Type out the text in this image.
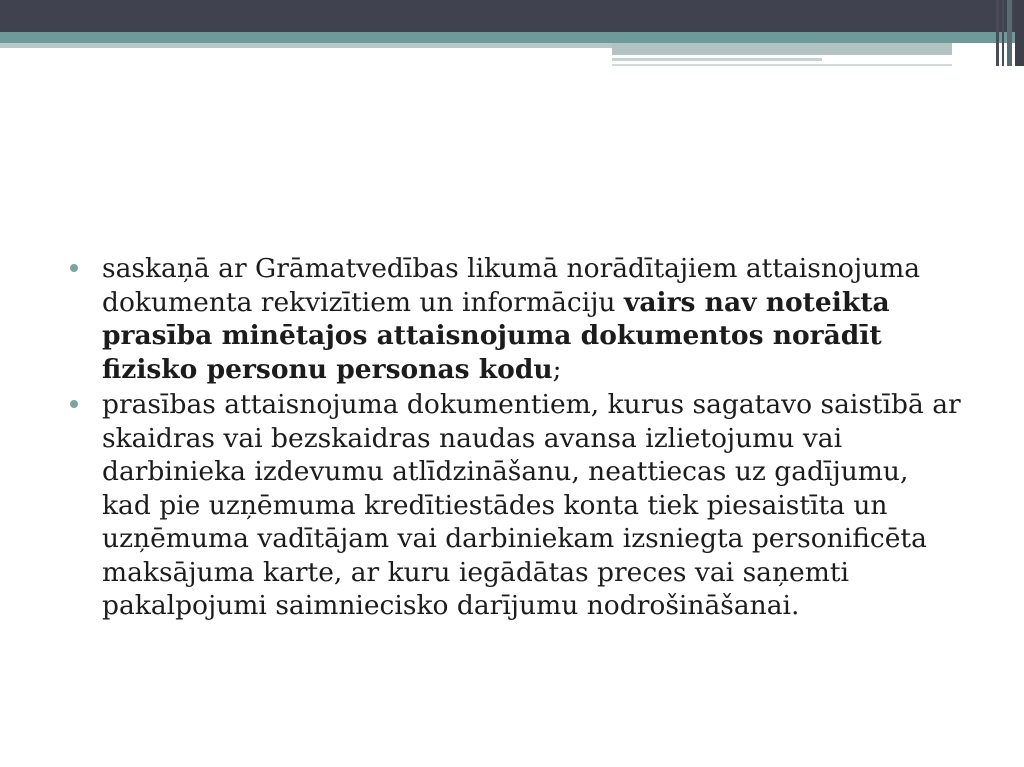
saskaņā ar Grāmatvedības likumā norādītajiem attaisnojuma dokumenta rekvizītiem un informāciju vairs nav noteikta prasība minētajos attaisnojuma dokumentos norādīt fizisko personu personas kodu;
prasības attaisnojuma dokumentiem, kurus sagatavo saistībā ar skaidras vai bezskaidras naudas avansa izlietojumu vai darbinieka izdevumu atlīdzināšanu, neattiecas uz gadījumu, kad pie uzņēmuma kredītiestādes konta tiek piesaistīta un uzņēmuma vadītājam vai darbiniekam izsniegta personificēta maksājuma karte, ar kuru iegādātas preces vai saņemti pakalpojumi saimniecisko darījumu nodrošināšanai.
